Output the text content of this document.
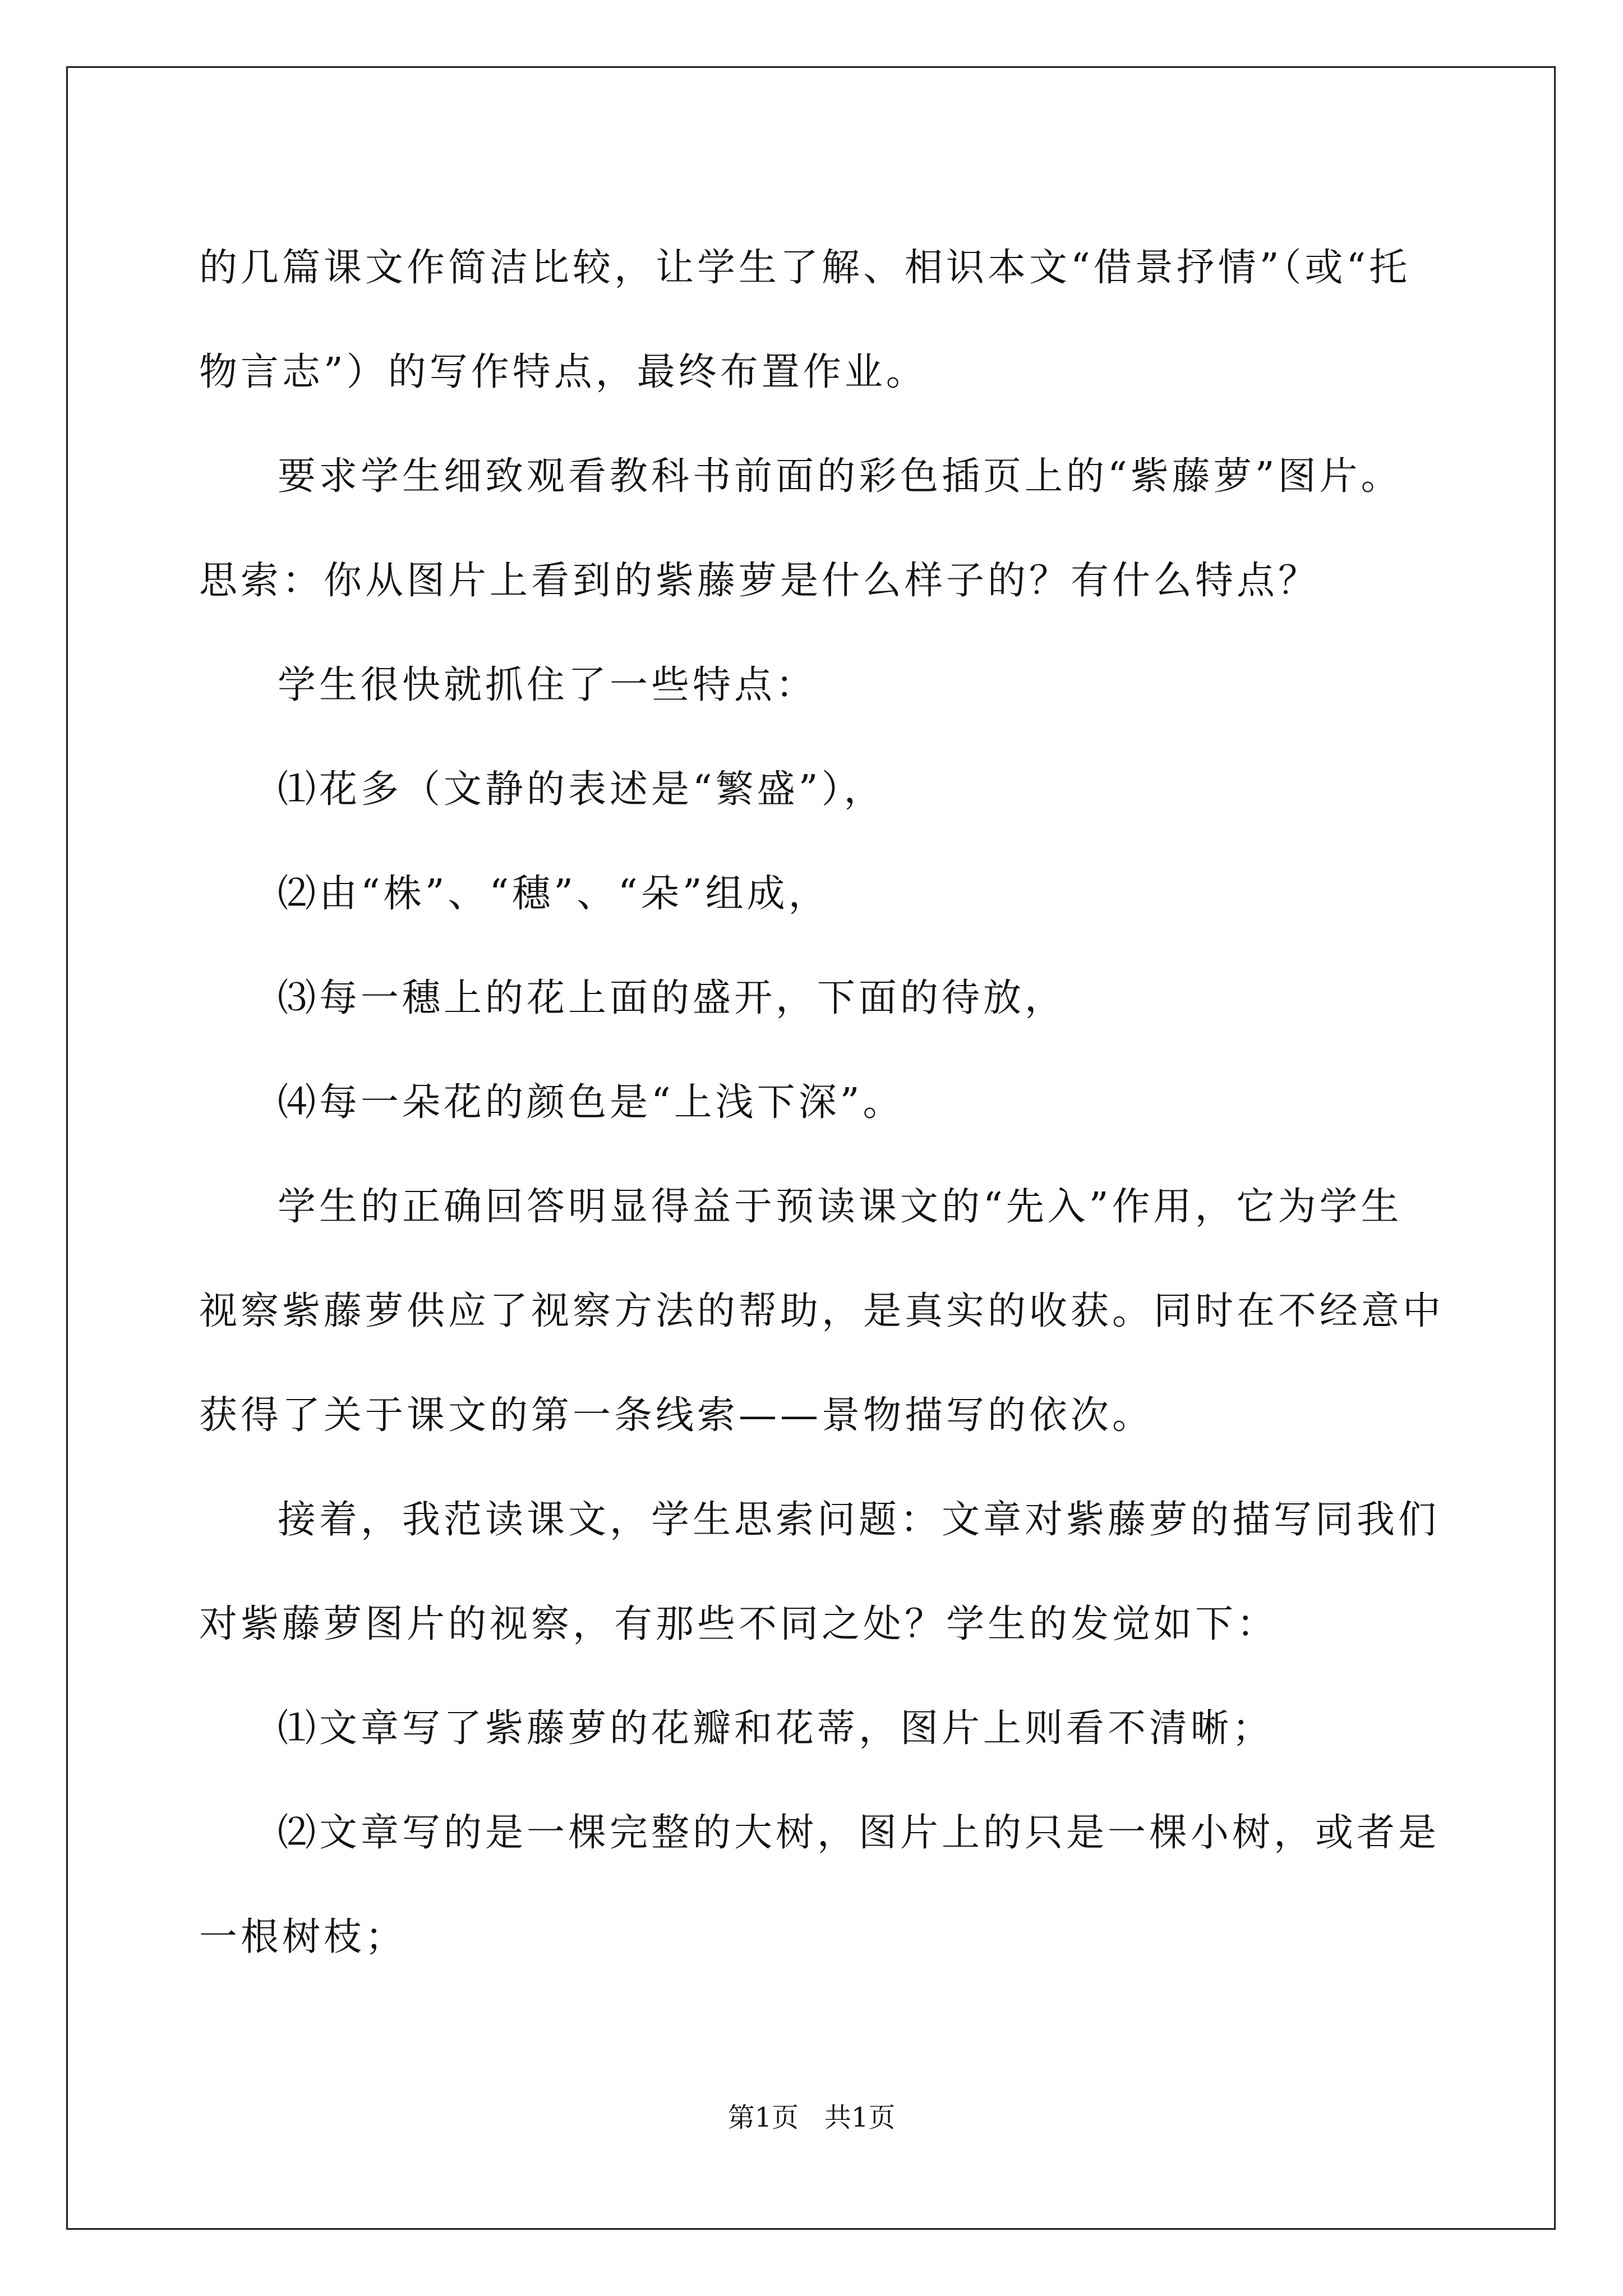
的几篇课文作简洁比较，让学生了解、相识本文“借景抒情”（或“托

物言志”）的写作特点，最终布置作业。

要求学生细致观看教科书前面的彩色插页上的“紫藤萝”图片。

思索：你从图片上看到的紫藤萝是什么样子的？有什么特点？

学生很快就抓住了一些特点：

⑴花多（文静的表述是“繁盛”），

⑵由“株”、“穗”、“朵”组成，

⑶每一穗上的花上面的盛开，下面的待放，

⑷每一朵花的颜色是“上浅下深”。

学生的正确回答明显得益于预读课文的“先入”作用，它为学生

视察紫藤萝供应了视察方法的帮助，是真实的收获。同时在不经意中

获得了关于课文的第一条线索——景物描写的依次。

接着，我范读课文，学生思索问题：文章对紫藤萝的描写同我们

对紫藤萝图片的视察，有那些不同之处？学生的发觉如下：

⑴文章写了紫藤萝的花瓣和花蒂，图片上则看不清晰；

⑵文章写的是一棵完整的大树，图片上的只是一棵小树，或者是

一根树枝；

第1页 共1页
